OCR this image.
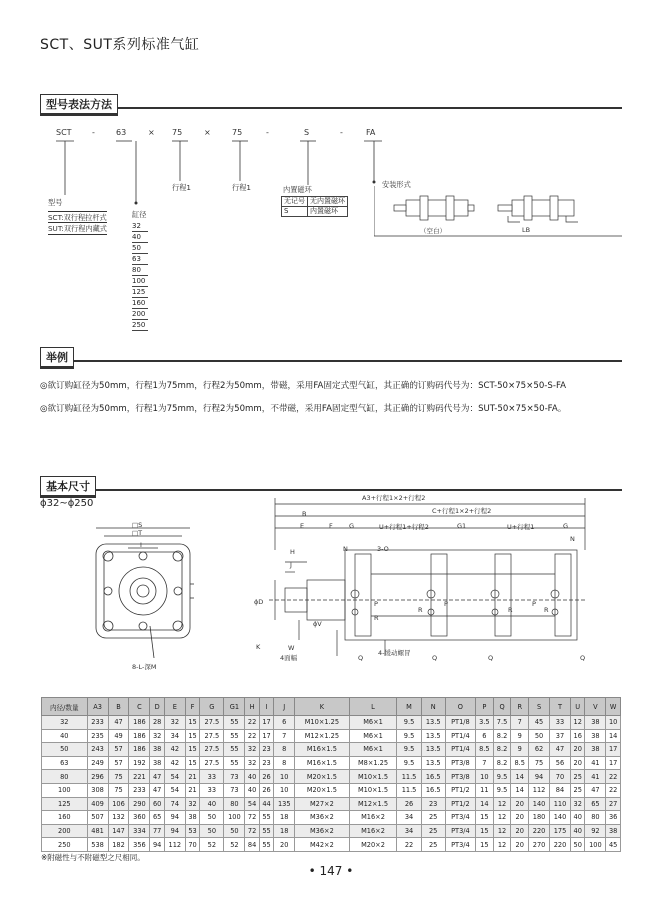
SCT、SUT系列标准气缸
型号表法方法
SCT	-	63	× 75	×	75	-	S	-	FA
型号
SCT:双行程拉杆式
SUT:双行程内藏式
缸径
32
40
50
63
80
100
125
160
200
250
行程1	行程1	内置磁环
无记号	无内置磁环
S	内置磁环
安装形式
（空白）	LB
举例
◎欲订购缸径为50mm，行程1为75mm，行程2为50mm，带磁，采用FA固定式型气缸，其正确的订购码代号为：SCT-50×75×50-S-FA
◎欲订购缸径为50mm，行程1为75mm，行程2为50mm，不带磁，采用FA固定型气缸，其正确的订购码代号为：SUT-50×75×50-FA。
基本尺寸
ϕ32~ϕ250
□S
□T
I
8-L-深M
A3+行程1×2+行程2
C+行程1×2+行程2
B
E	F	G	U+行程1+行程2	G1	U+行程1	G
H
J
N
N
3-O
K	W
4面幅
ϕD
ϕV
P	P	P
R
R	R	R
Q	Q	Q	Q
4-缓动螺冒
内径/数量	A3	B	C	D	E	F	G	G1	H	I	J	K	L	M	N	O	P	Q	R	S	T	U	V	W
32	233	47	186	28	32	15	27.5	55	22	17	6	M10×1.25	M6×1	9.5	13.5	PT1/8	3.5	7.5	7	45	33	12	38	10
40	235	49	186	32	34	15	27.5	55	22	17	7	M12×1.25	M6×1	9.5	13.5	PT1/4	6	8.2	9	50	37	16	38	14
50	243	57	186	38	42	15	27.5	55	32	23	8	M16×1.5	M6×1	9.5	13.5	PT1/4	8.5	8.2	9	62	47	20	38	17
63	249	57	192	38	42	15	27.5	55	32	23	8	M16×1.5	M8×1.25	9.5	13.5	PT3/8	7	8.2	8.5	75	56	20	41	17
80	296	75	221	47	54	21	33	73	40	26	10	M20×1.5	M10×1.5	11.5	16.5	PT3/8	10	9.5	14	94	70	25	41	22
100	308	75	233	47	54	21	33	73	40	26	10	M20×1.5	M10×1.5	11.5	16.5	PT1/2	11	9.5	14	112	84	25	47	22
125	409	106	290	60	74	32	40	80	54	44	135	M27×2	M12×1.5	26	23	PT1/2	14	12	20	140	110	32	65	27
160	507	132	360	65	94	38	50	100	72	55	18	M36×2	M16×2	34	25	PT3/4	15	12	20	180	140	40	80	36
200	481	147	334	77	94	53	50	50	72	55	18	M36×2	M16×2	34	25	PT3/4	15	12	20	220	175	40	92	38
250	538	182	356	94	112	70	52	52	84	55	20	M42×2	M20×2	22	25	PT3/4	15	12	20	270	220	50	100	45
※附磁性与不附磁型之尺相同。
• 147 •
